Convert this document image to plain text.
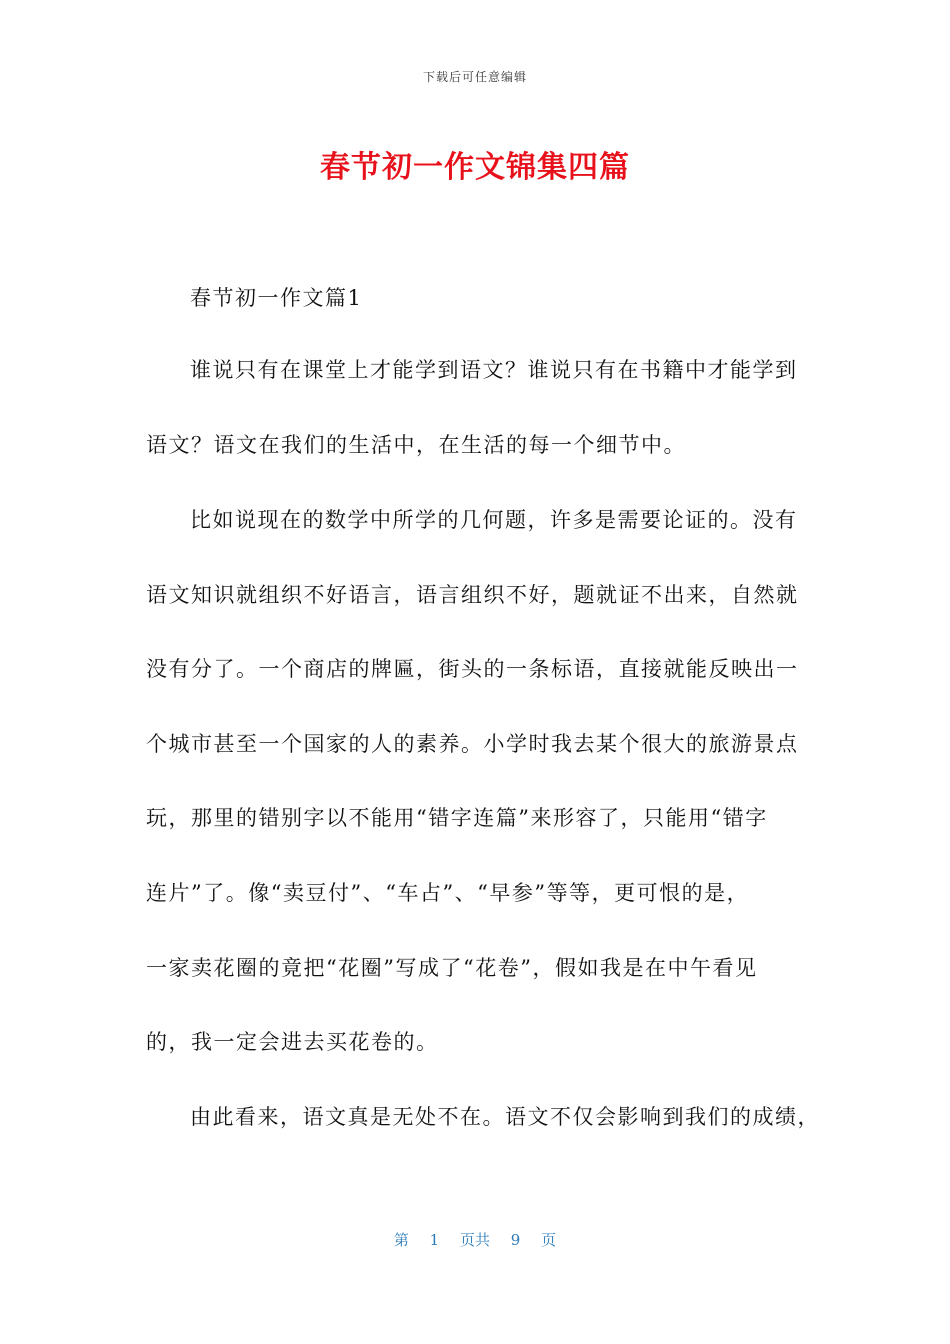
下载后可任意编辑
春节初一作文锦集四篇
春节初一作文篇1
谁说只有在课堂上才能学到语文？谁说只有在书籍中才能学到
语文？语文在我们的生活中，在生活的每一个细节中。
比如说现在的数学中所学的几何题，许多是需要论证的。没有
语文知识就组织不好语言，语言组织不好，题就证不出来，自然就
没有分了。一个商店的牌匾，街头的一条标语，直接就能反映出一
个城市甚至一个国家的人的素养。小学时我去某个很大的旅游景点
玩，那里的错别字以不能用“错字连篇”来形容了，只能用“错字
连片”了。像“卖豆付”、“车占”、“早参”等等，更可恨的是，
一家卖花圈的竟把“花圈”写成了“花卷”，假如我是在中午看见
的，我一定会进去买花卷的。
由此看来，语文真是无处不在。语文不仅会影响到我们的成绩，
第 1 页共 9 页
